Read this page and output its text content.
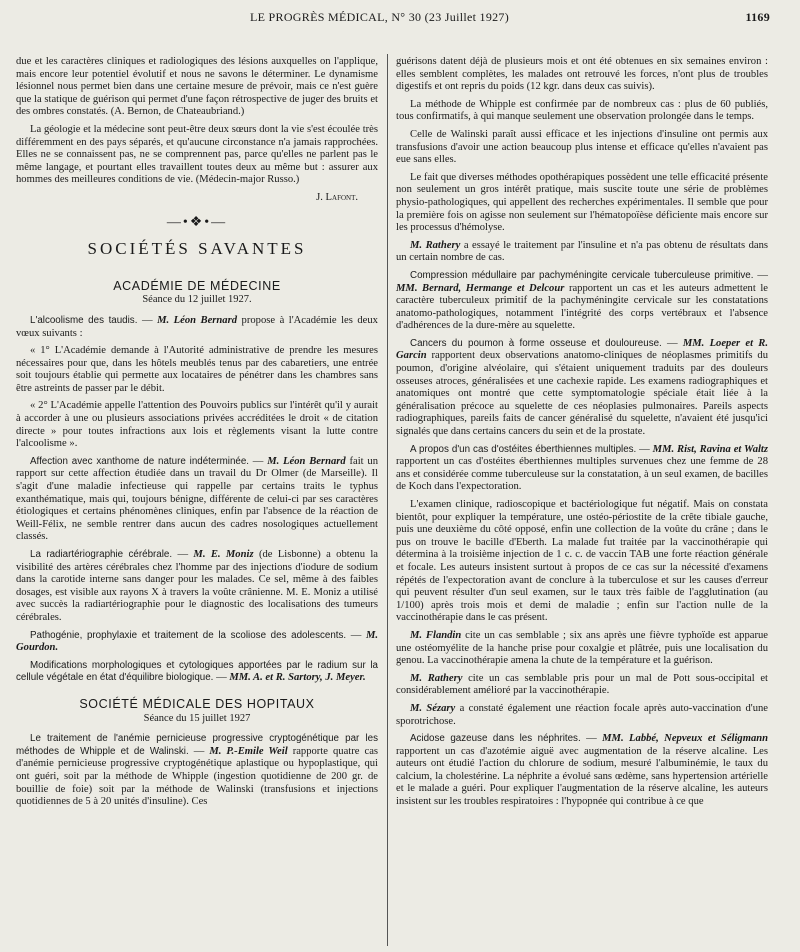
LE PROGRÈS MÉDICAL, N° 30 (23 Juillet 1927)	1169

due et les caractères cliniques et radiologiques des lésions auxquelles on l'applique, mais encore leur potentiel évolutif et nous ne savons le déterminer. Le dynamisme lésionnel nous permet bien dans une certaine mesure de prévoir, mais ce n'est guère que la statique de guérison qui permet d'une façon rétrospective de juger des bruits et des ombres constatés. (A. Bernon, de Chateaubriand.)

La géologie et la médecine sont peut-être deux sœurs dont la vie s'est écoulée très différemment en des pays séparés, et qu'aucune circonstance n'a jamais rapprochées. Elles ne se connaissent pas, ne se comprennent pas, parce qu'elles ne parlent pas le même langage, et pourtant elles travaillent toutes deux au même but : assurer aux hommes des meilleures conditions de vie. (Médecin-major Russo.)

J. Lafont.
—•❖•—
SOCIÉTÉS SAVANTES
ACADÉMIE DE MÉDECINE
Séance du 12 juillet 1927.

L'alcoolisme des taudis. — M. Léon Bernard propose à l'Académie les deux vœux suivants :

« 1° L'Académie demande à l'Autorité administrative de prendre les mesures nécessaires pour que, dans les hôtels meublés tenus par des cabaretiers, une entrée soit toujours établie qui permette aux locataires de pénétrer dans les chambres sans être astreints de passer par le débit.

« 2° L'Académie appelle l'attention des Pouvoirs publics sur l'intérêt qu'il y aurait à accorder à une ou plusieurs associations privées accréditées le droit « de citation directe » pour toutes infractions aux lois et règlements visant la lutte contre l'alcoolisme ».

Affection avec xanthome de nature indéterminée. — M. Léon Bernard fait un rapport sur cette affection étudiée dans un travail du Dr Olmer (de Marseille). Il s'agit d'une maladie infectieuse qui rappelle par certains traits le typhus exanthématique, mais qui, toujours bénigne, différente de celui-ci par ses caractères étiologiques et certains phénomènes cliniques, enfin par l'absence de la réaction de Weill-Félix, ne semble rentrer dans aucun des cadres nosologiques actuellement classés.

La radiartériographie cérébrale. — M. E. Moniz (de Lisbonne) a obtenu la visibilité des artères cérébrales chez l'homme par des injections d'iodure de sodium dans la carotide interne sans danger pour les malades. Ce sel, même à des faibles dosages, est visible aux rayons X à travers la voûte crânienne. M. E. Moniz a utilisé avec succès la radiartériographie pour le diagnostic des localisations des tumeurs cérébrales.

Pathogénie, prophylaxie et traitement de la scoliose des adolescents. — M. Gourdon.

Modifications morphologiques et cytologiques apportées par le radium sur la cellule végétale en état d'équilibre biologique. — MM. A. et R. Sartory, J. Meyer.

SOCIÉTÉ MÉDICALE DES HOPITAUX
Séance du 15 juillet 1927

Le traitement de l'anémie pernicieuse progressive cryptogénétique par les méthodes de Whipple et de Walinski. — M. P.-Emile Weil rapporte quatre cas d'anémie pernicieuse progressive cryptogénétique aplastique ou hypoplastique, qui ont guéri, soit par la méthode de Whipple (ingestion quotidienne de 200 gr. de bouillie de foie) soit par la méthode de Walinski (transfusions et injections quotidiennes de 5 à 20 unités d'insuline). Ces

guérisons datent déjà de plusieurs mois et ont été obtenues en six semaines environ : elles semblent complètes, les malades ont retrouvé les forces, n'ont plus de troubles digestifs et ont repris du poids (12 kgr. dans deux cas suivis).

La méthode de Whipple est confirmée par de nombreux cas : plus de 60 publiés, tous confirmatifs, à qui manque seulement une observation prolongée dans le temps.

Celle de Walinski paraît aussi efficace et les injections d'insuline ont permis aux transfusions d'avoir une action beaucoup plus intense et efficace qu'elles n'avaient pas eue sans elles.

Le fait que diverses méthodes opothérapiques possèdent une telle efficacité présente non seulement un gros intérêt pratique, mais suscite toute une série de problèmes physio-pathologiques, qui appellent des recherches expérimentales. Il semble que pour la première fois on agisse non seulement sur l'hématopoïèse déficiente mais encore sur les processus d'hémolyse.

M. Rathery a essayé le traitement par l'insuline et n'a pas obtenu de résultats dans un certain nombre de cas.

Compression médullaire par pachyméningite cervicale tuberculeuse primitive. — MM. Bernard, Hermange et Delcour rapportent un cas et les auteurs admettent le caractère tuberculeux primitif de la pachyméningite cervicale sur les constatations anatomo-pathologiques, notamment l'intégrité des corps vertébraux et l'absence d'adhérences de la dure-mère au squelette.

Cancers du poumon à forme osseuse et douloureuse. — MM. Loeper et R. Garcin rapportent deux observations anatomo-cliniques de néoplasmes primitifs du poumon, d'origine alvéolaire, qui s'étaient uniquement traduits par des douleurs osseuses atroces, généralisées et une cachexie rapide. Les examens radiographiques et anatomiques ont montré que cette symptomatologie spéciale était liée à la généralisation précoce au squelette de ces néoplasies pulmonaires. Pareils aspects radiographiques, pareils faits de cancer généralisé du squelette, n'avaient été jusqu'ici signalés que dans certains cancers du sein et de la prostate.

A propos d'un cas d'ostéites éberthiennes multiples. — MM. Rist, Ravina et Waltz rapportent un cas d'ostéites éberthiennes multiples survenues chez une femme de 28 ans et considérée comme tuberculeuse sur la constatation, à un seul examen, de bacilles de Koch dans l'expectoration.

L'examen clinique, radioscopique et bactériologique fut négatif. Mais on constata bientôt, pour expliquer la température, une ostéo-périostite de la crête tibiale gauche, puis une deuxième du côté opposé, enfin une collection de la voûte du crâne ; dans le pus on trouve le bacille d'Eberth. La malade fut traitée par la vaccinothérapie qui détermina à la troisième injection de 1 c. c. de vaccin TAB une forte réaction générale et focale. Les auteurs insistent surtout à propos de ce cas sur la nécessité d'examens répétés de l'expectoration avant de conclure à la tuberculose et sur les causes d'erreur qui peuvent résulter d'un seul examen, sur le taux très faible de l'agglutination (au 1/100) après trois mois et demi de maladie ; enfin sur l'action nulle de la vaccinothérapie dans le cas présent.

M. Flandin cite un cas semblable ; six ans après une fièvre typhoïde est apparue une ostéomyélite de la hanche prise pour coxalgie et plâtrée, puis une localisation du genou. La vaccinothérapie amena la chute de la température et la guérison.

M. Rathery cite un cas semblable pris pour un mal de Pott sous-occipital et considérablement amélioré par la vaccinothérapie.

M. Sézary a constaté également une réaction focale après auto-vaccination d'une sporotrichose.

Acidose gazeuse dans les néphrites. — MM. Labbé, Nepveux et Séligmann rapportent un cas d'azotémie aiguë avec augmentation de la réserve alcaline. Les auteurs ont étudié l'action du chlorure de sodium, mesuré l'albuminémie, le taux du calcium, la cholestérine. La néphrite a évolué sans œdème, sans hypertension artérielle et le malade a guéri. Pour expliquer l'augmentation de la réserve alcaline, les auteurs insistent sur les troubles respiratoires : l'hypopnée qui contribue à ce que
